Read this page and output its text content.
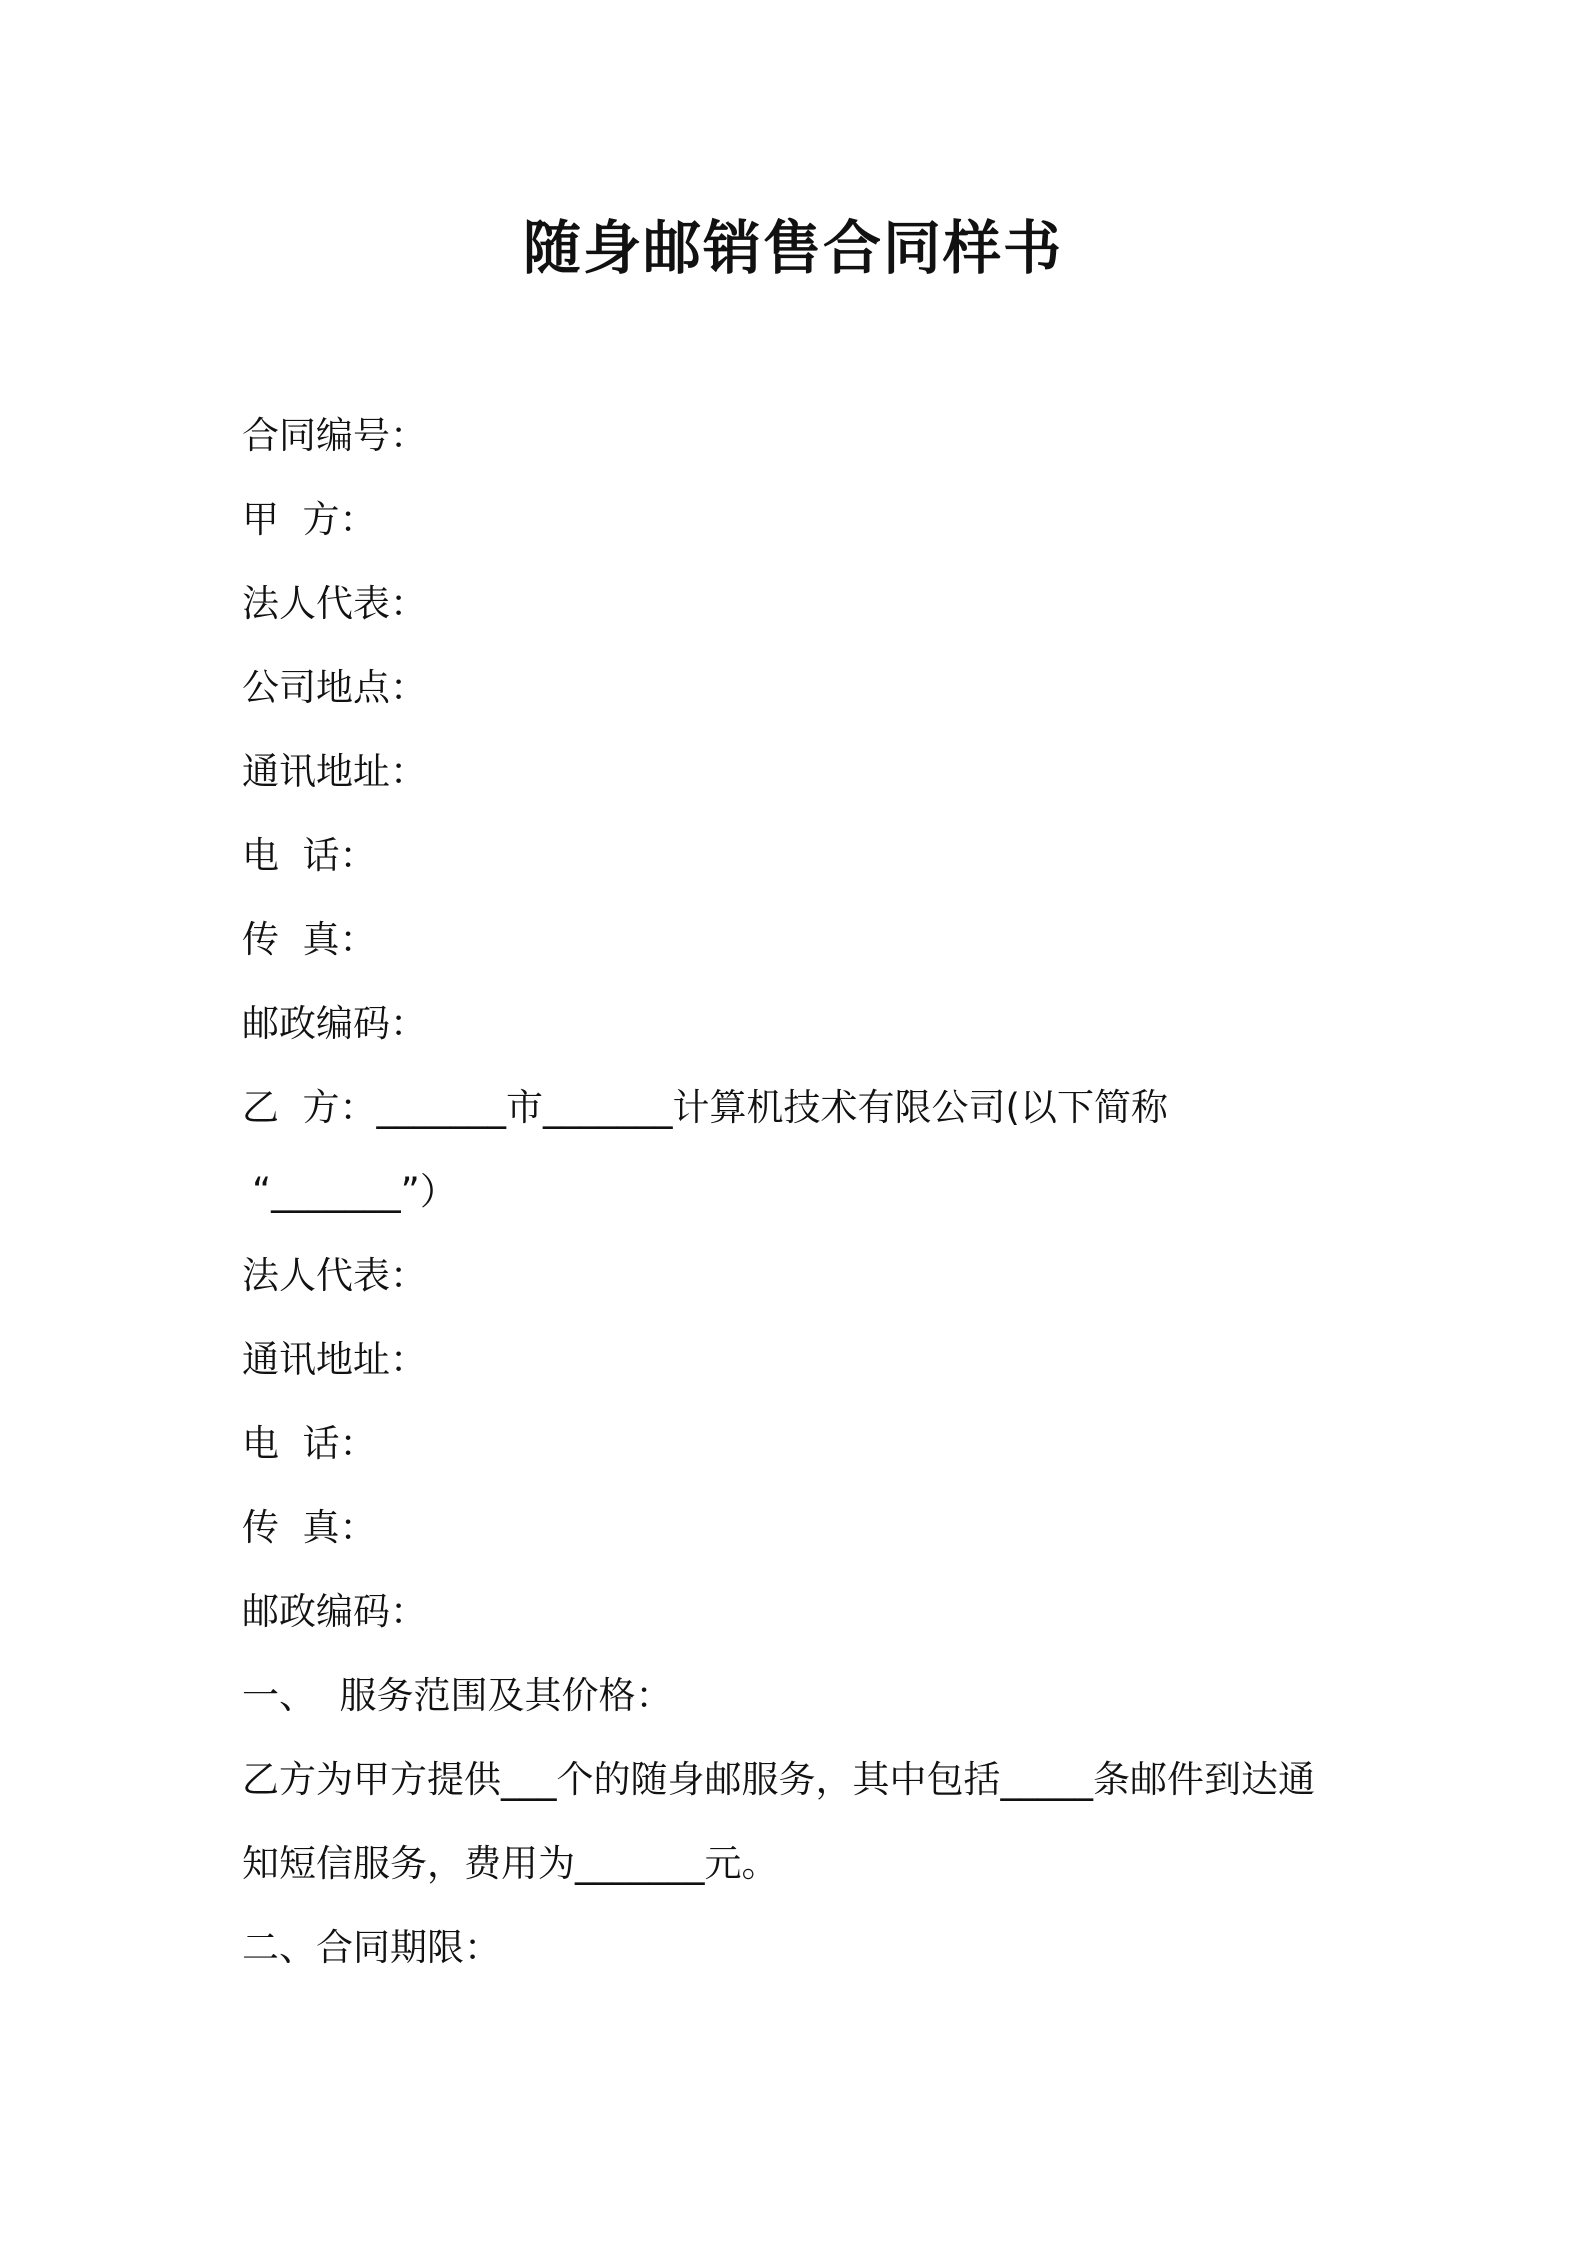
随身邮销售合同样书
合同编号：
甲  方：
法人代表：
公司地点：
通讯地址：
电  话：
传  真：
邮政编码：
乙  方：_______市_______计算机技术有限公司(以下简称
“_______”）
法人代表：
通讯地址：
电  话：
传  真：
邮政编码：
一、  服务范围及其价格：
乙方为甲方提供___个的随身邮服务，其中包括_____条邮件到达通
知短信服务，费用为_______元。
二、合同期限：
